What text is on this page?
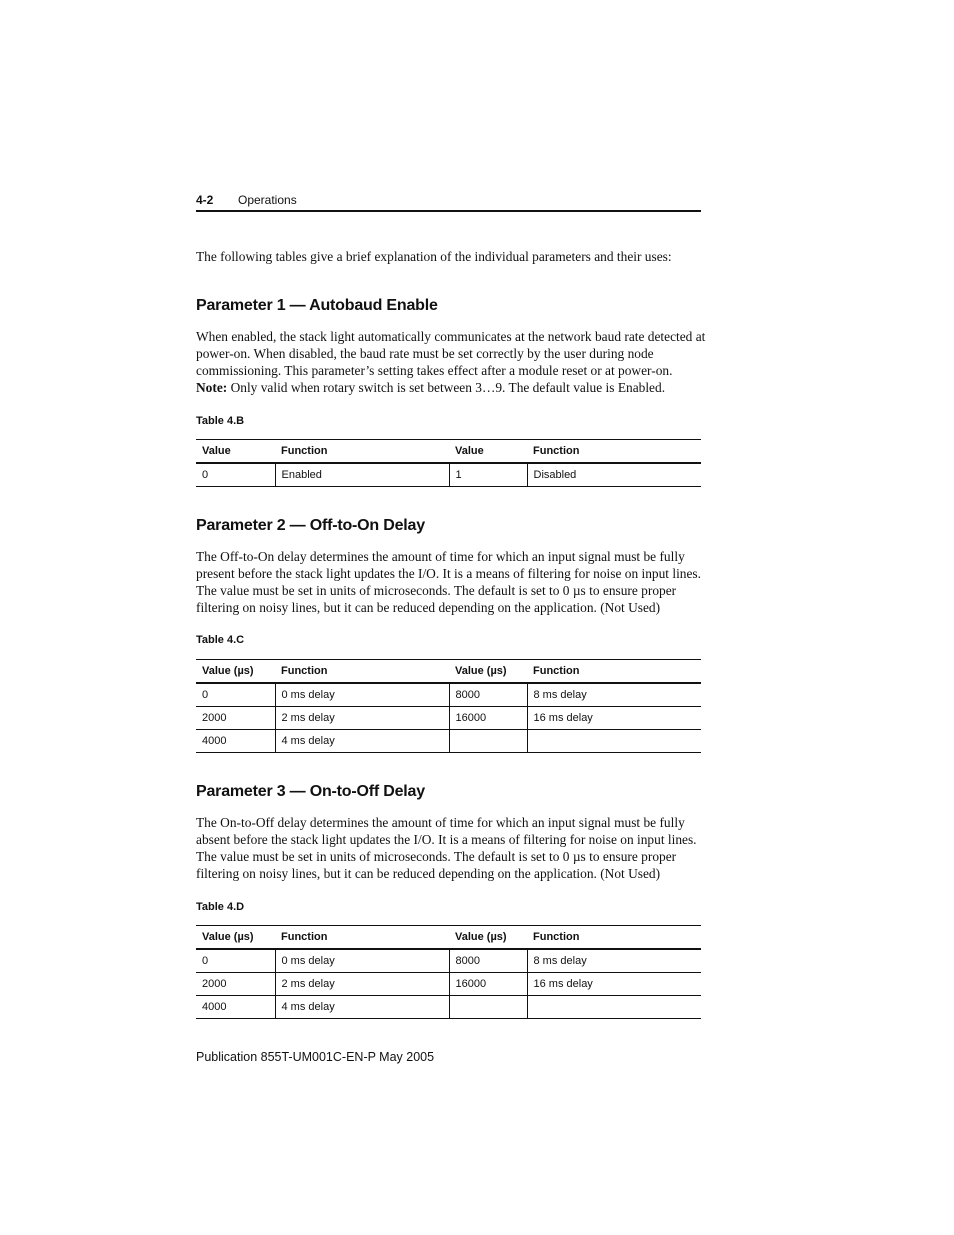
4-2 Operations

The following tables give a brief explanation of the individual parameters and their uses:

Parameter 1 — Autobaud Enable

When enabled, the stack light automatically communicates at the network baud rate detected at power-on. When disabled, the baud rate must be set correctly by the user during node commissioning. This parameter’s setting takes effect after a module reset or at power-on.
Note: Only valid when rotary switch is set between 3…9. The default value is Enabled.

Table 4.B
Value	Function	Value	Function
0	Enabled	1	Disabled
Parameter 2 — Off-to-On Delay

The Off-to-On delay determines the amount of time for which an input signal must be fully present before the stack light updates the I/O. It is a means of filtering for noise on input lines. The value must be set in units of microseconds. The default is set to 0 µs to ensure proper filtering on noisy lines, but it can be reduced depending on the application. (Not Used)

Table 4.C
Value (µs)	Function	Value (µs)	Function
0	0 ms delay	8000	8 ms delay
2000	2 ms delay	16000	16 ms delay
4000	4 ms delay		
Parameter 3 — On-to-Off Delay

The On-to-Off delay determines the amount of time for which an input signal must be fully absent before the stack light updates the I/O. It is a means of filtering for noise on input lines. The value must be set in units of microseconds. The default is set to 0 µs to ensure proper filtering on noisy lines, but it can be reduced depending on the application. (Not Used)

Table 4.D
Value (µs)	Function	Value (µs)	Function
0	0 ms delay	8000	8 ms delay
2000	2 ms delay	16000	16 ms delay
4000	4 ms delay		
Publication 855T-UM001C-EN-P May 2005
